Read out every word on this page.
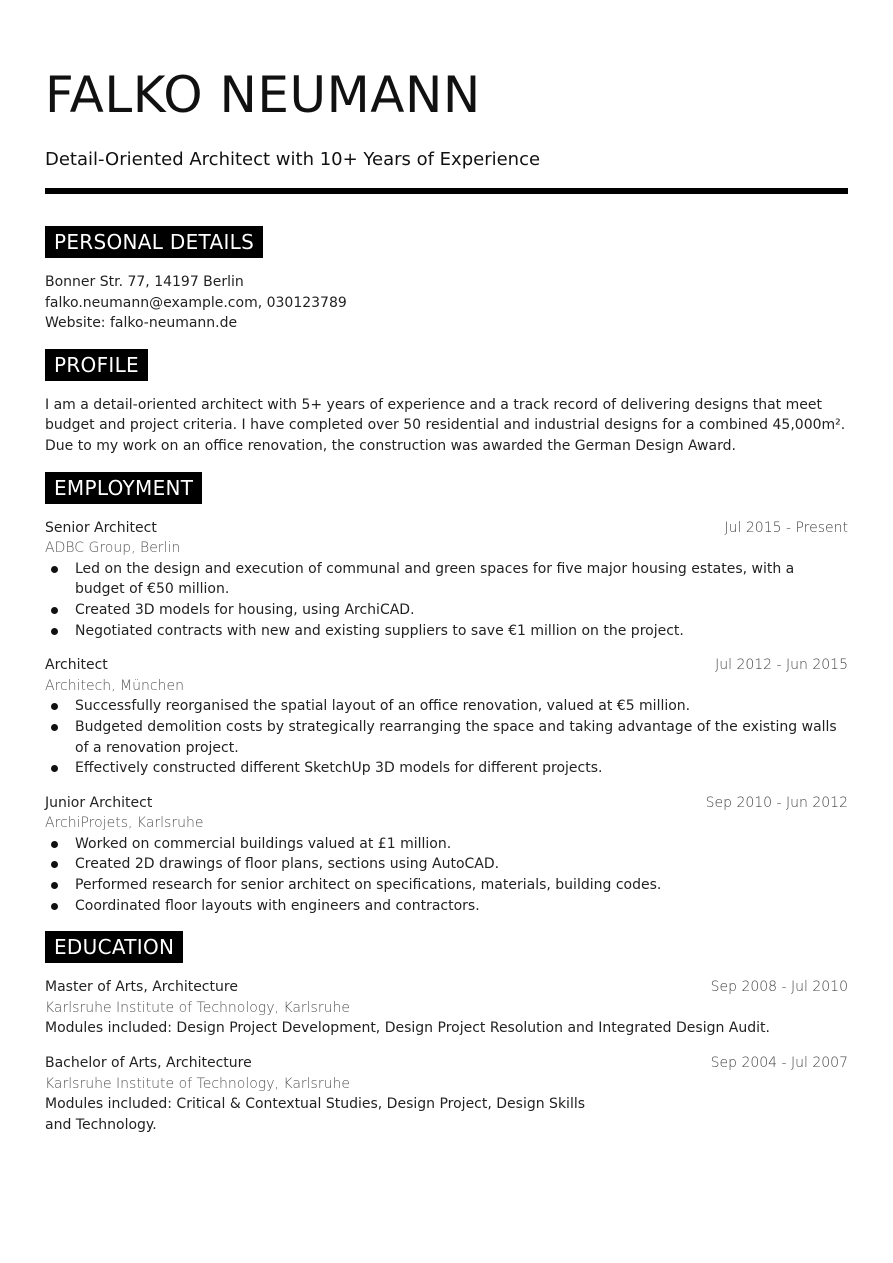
FALKO NEUMANN
Detail-Oriented Architect with 10+ Years of Experience
PERSONAL DETAILS
Bonner Str. 77, 14197 Berlin
falko.neumann@example.com, 030123789
Website: falko-neumann.de
PROFILE

I am a detail-oriented architect with 5+ years of experience and a track record of delivering designs that meet budget and project criteria. I have completed over 50 residential and industrial designs for a combined 45,000m². Due to my work on an office renovation, the construction was awarded the German Design Award.

EMPLOYMENT
Senior Architect	Jul 2015 - Present
ADBC Group, Berlin
Led on the design and execution of communal and green spaces for five major housing estates, with a budget of €50 million.
Created 3D models for housing, using ArchiCAD.
Negotiated contracts with new and existing suppliers to save €1 million on the project.
Architect	Jul 2012 - Jun 2015
Architech, München
Successfully reorganised the spatial layout of an office renovation, valued at €5 million.
Budgeted demolition costs by strategically rearranging the space and taking advantage of the existing walls of a renovation project.
Effectively constructed different SketchUp 3D models for different projects.
Junior Architect	Sep 2010 - Jun 2012
ArchiProjets, Karlsruhe
Worked on commercial buildings valued at £1 million.
Created 2D drawings of floor plans, sections using AutoCAD.
Performed research for senior architect on specifications, materials, building codes.
Coordinated floor layouts with engineers and contractors.
EDUCATION
Master of Arts, Architecture	Sep 2008 - Jul 2010
Karlsruhe Institute of Technology, Karlsruhe
Modules included: Design Project Development, Design Project Resolution and Integrated Design Audit.
Bachelor of Arts, Architecture	Sep 2004 - Jul 2007
Karlsruhe Institute of Technology, Karlsruhe
Modules included: Critical & Contextual Studies, Design Project, Design Skills and Technology.
